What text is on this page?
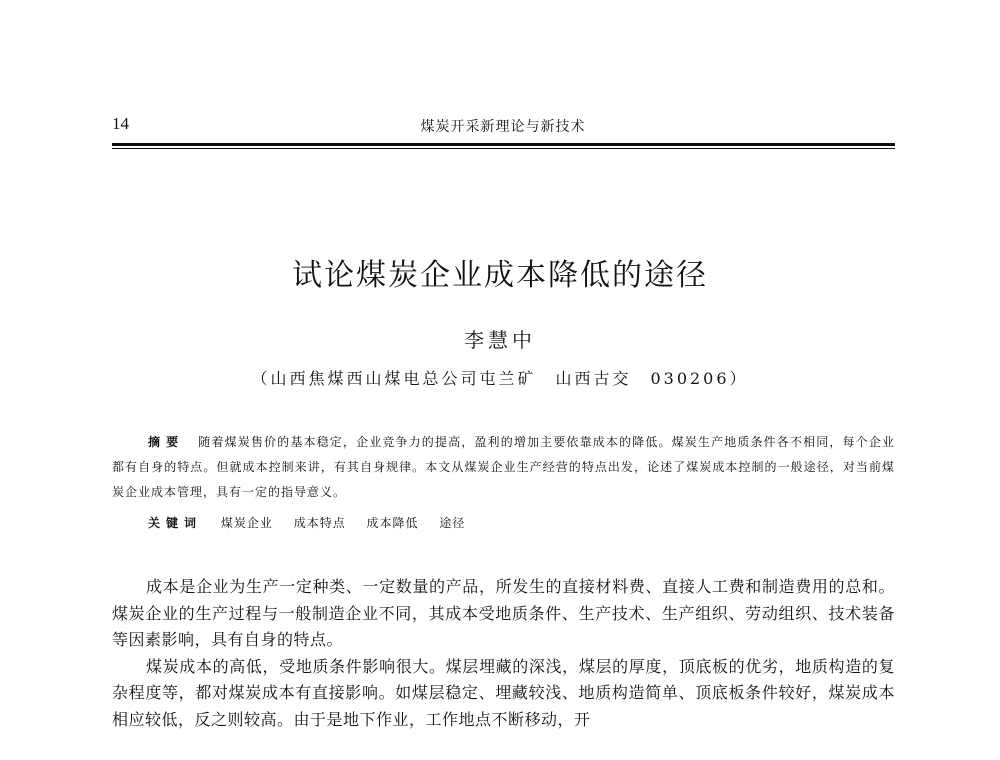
14	煤炭开采新理论与新技术
试论煤炭企业成本降低的途径
李慧中
（山西焦煤西山煤电总公司屯兰矿　山西古交　030206）
摘要 随着煤炭售价的基本稳定，企业竞争力的提高，盈利的增加主要依靠成本的降低。煤炭生产地质条件各不相同，每个企业都有自身的特点。但就成本控制来讲，有其自身规律。本文从煤炭企业生产经营的特点出发，论述了煤炭成本控制的一般途径，对当前煤炭企业成本管理，具有一定的指导意义。
关键词 煤炭企业 成本特点 成本降低 途径

成本是企业为生产一定种类、一定数量的产品，所发生的直接材料费、直接人工费和制造费用的总和。煤炭企业的生产过程与一般制造企业不同，其成本受地质条件、生产技术、生产组织、劳动组织、技术装备等因素影响，具有自身的特点。

煤炭成本的高低，受地质条件影响很大。煤层埋藏的深浅，煤层的厚度，顶底板的优劣，地质构造的复杂程度等，都对煤炭成本有直接影响。如煤层稳定、埋藏较浅、地质构造简单、顶底板条件较好，煤炭成本相应较低，反之则较高。由于是地下作业，工作地点不断移动，开
